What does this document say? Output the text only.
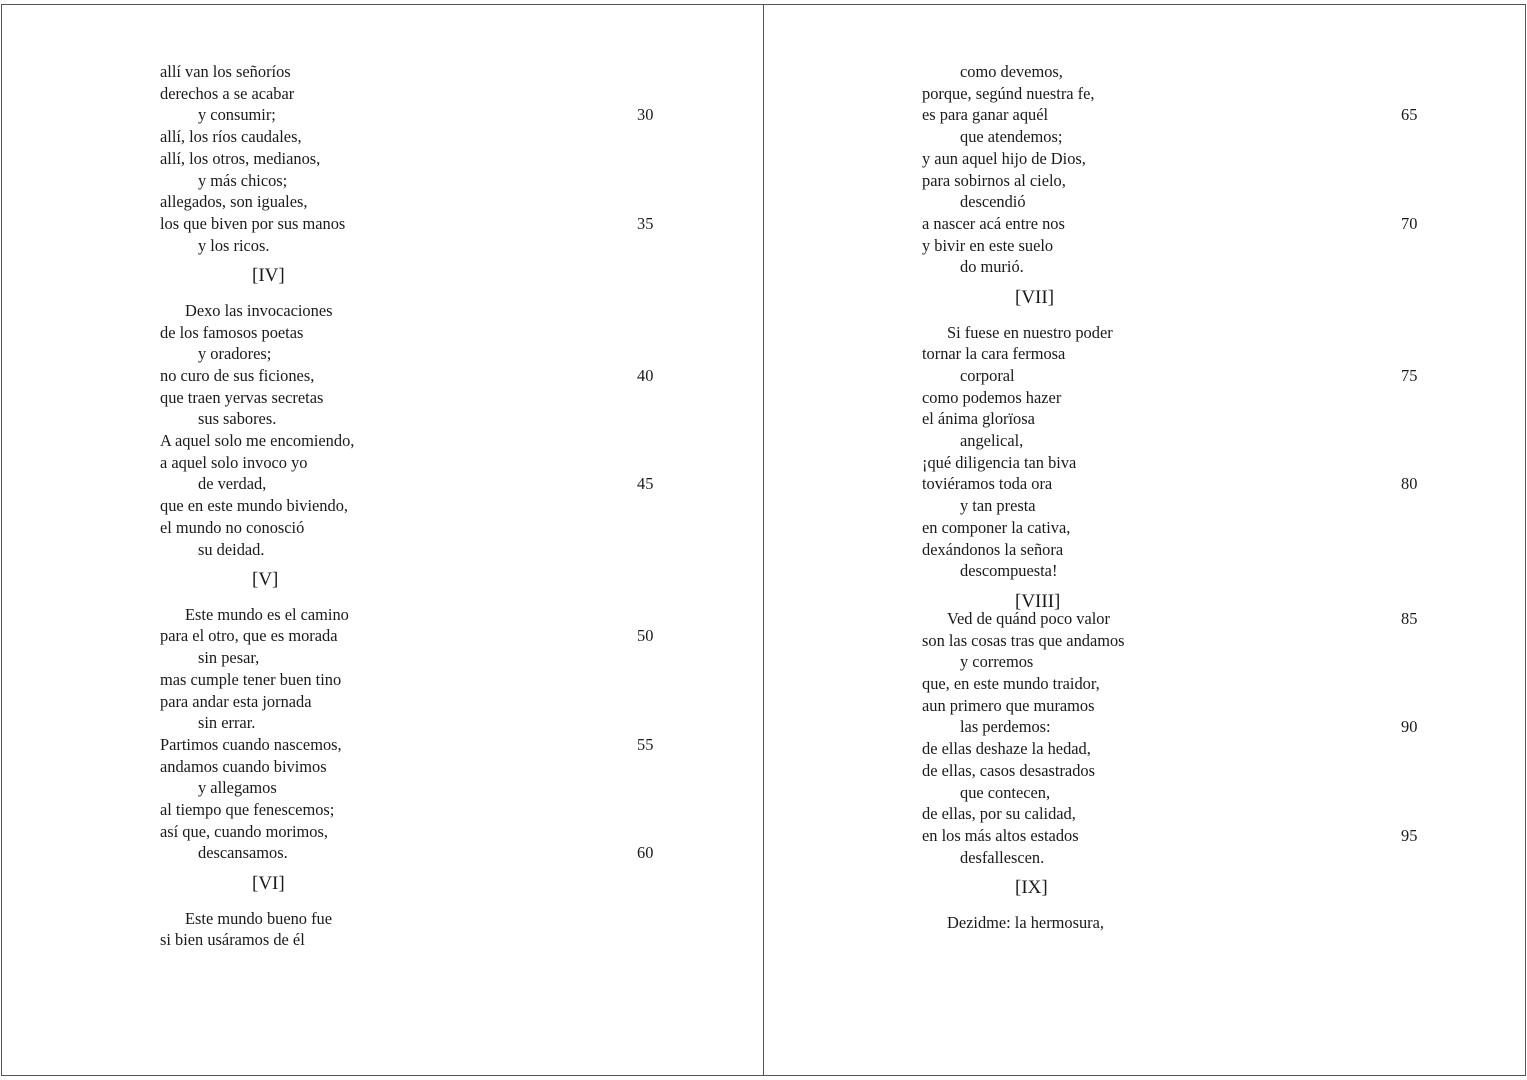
allí van los señoríos
derechos a se acabar
y consumir;	30
allí, los ríos caudales,
allí, los otros, medianos,
y más chicos;
allegados, son iguales,
los que biven por sus manos	35
y los ricos.
[IV]
Dexo las invocaciones
de los famosos poetas
y oradores;
no curo de sus ficiones,	40
que traen yervas secretas
sus sabores.
A aquel solo me encomiendo,
a aquel solo invoco yo
de verdad,	45
que en este mundo biviendo,
el mundo no conosció
su deidad.
[V]
Este mundo es el camino
para el otro, que es morada	50
sin pesar,
mas cumple tener buen tino
para andar esta jornada
sin errar.
Partimos cuando nascemos,	55
andamos cuando bivimos
y allegamos
al tiempo que fenescemos;
así que, cuando morimos,
descansamos.	60
[VI]
Este mundo bueno fue
si bien usáramos de él
como devemos,
porque, segúnd nuestra fe,
es para ganar aquél	65
que atendemos;
y aun aquel hijo de Dios,
para sobirnos al cielo,
descendió
a nascer acá entre nos	70
y bivir en este suelo
do murió.
[VII]
Si fuese en nuestro poder
tornar la cara fermosa
corporal	75
como podemos hazer
el ánima glorïosa
angelical,
¡qué diligencia tan biva
toviéramos toda ora	80
y tan presta
en componer la cativa,
dexándonos la señora
descompuesta!
[VIII]
Ved de quánd poco valor	85
son las cosas tras que andamos
y corremos
que, en este mundo traidor,
aun primero que muramos
las perdemos:	90
de ellas deshaze la hedad,
de ellas, casos desastrados
que contecen,
de ellas, por su calidad,
en los más altos estados	95
desfallescen.
[IX]
Dezidme: la hermosura,
